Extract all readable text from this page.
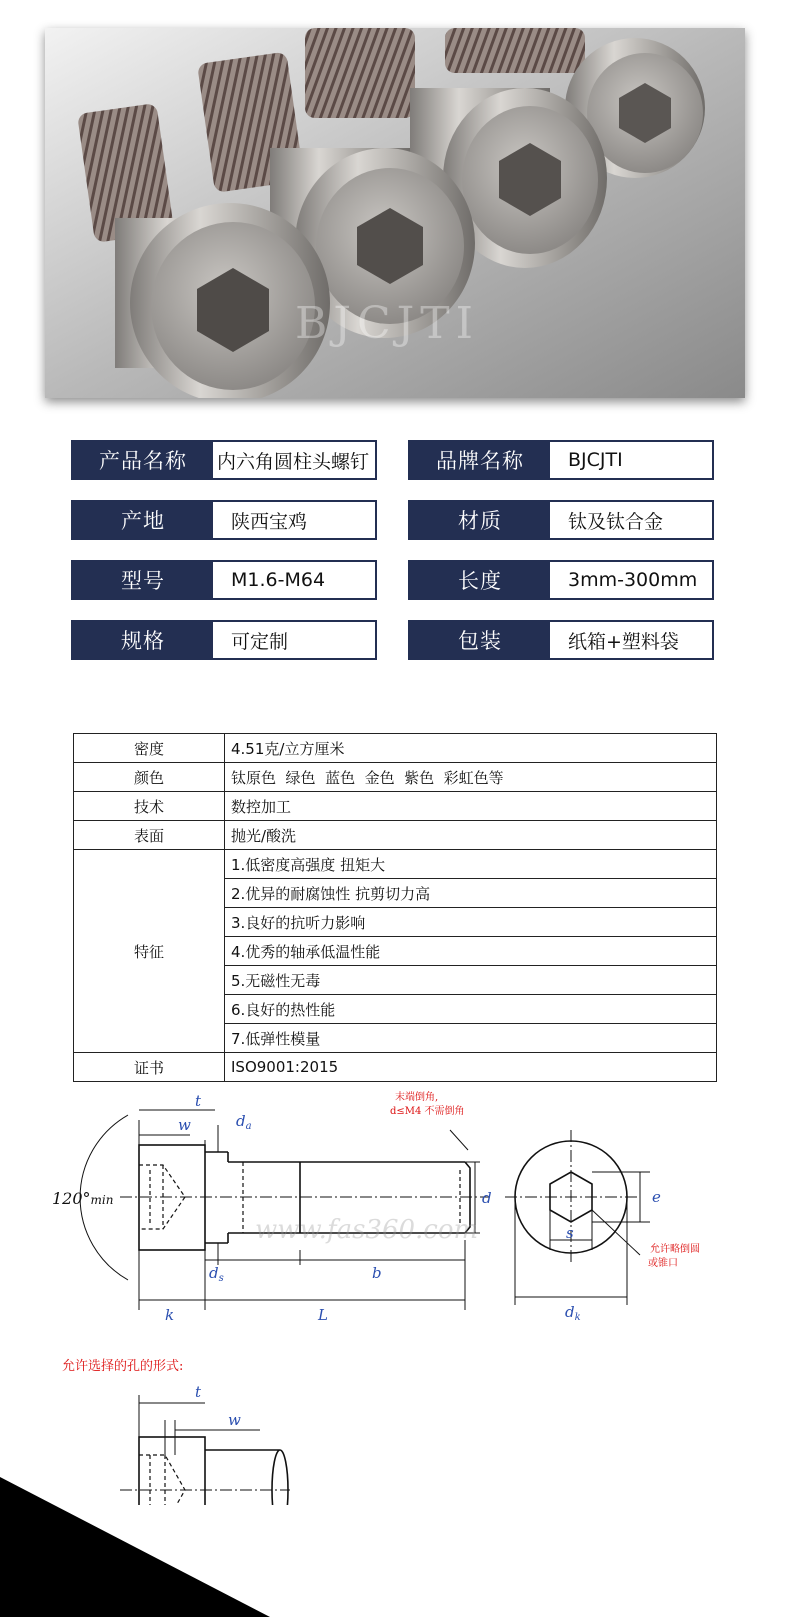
BJCJTI
产品名称	内六角圆柱头螺钉	品牌名称	BJCJTI
产地	陕西宝鸡	材质	钛及钛合金
型号	M1.6-M64	长度	3mm-300mm
规格	可定制	包装	纸箱+塑料袋
密度	4.51克/立方厘米
颜色	钛原色  绿色  蓝色  金色  紫色  彩虹色等
技术	数控加工
表面	抛光/酸洗
特征	1.低密度高强度 扭矩大
	2.优异的耐腐蚀性 抗剪切力高
	3.良好的抗听力影响
	4.优秀的轴承低温性能
	5.无磁性无毒
	6.良好的热性能
	7.低弹性模量
证书	ISO9001:2015
t
w	$d_a$
$d_s$
d
b
k	L
e
s
$d_k$
120°min
末端倒角,
d≤M4 不需倒角
允许略倒圆
或锥口
www.fas360.com
允许选择的孔的形式:
t
w
